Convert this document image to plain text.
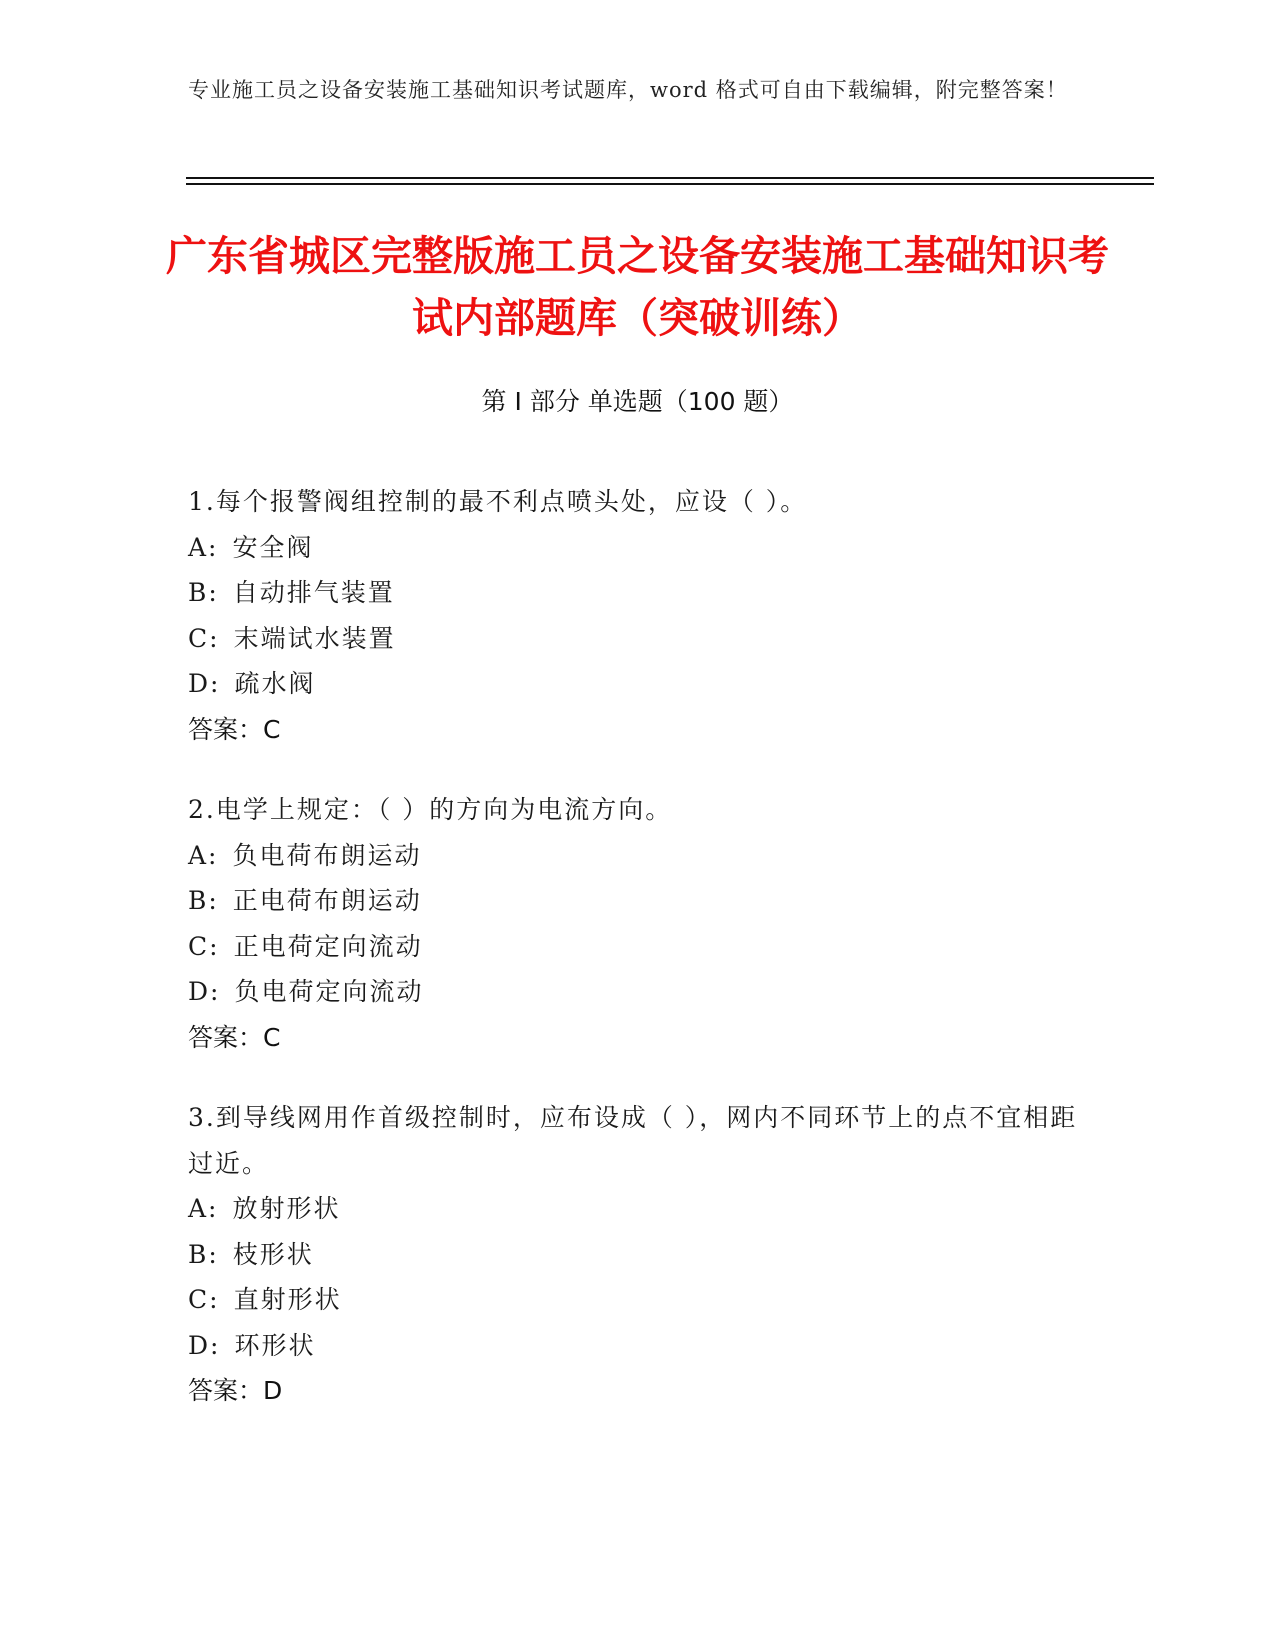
专业施工员之设备安装施工基础知识考试题库，word 格式可自由下载编辑，附完整答案！
广东省城区完整版施工员之设备安装施工基础知识考试内部题库（突破训练）
第 I 部分 单选题（100 题）
1.每个报警阀组控制的最不利点喷头处，应设（ ）。
A: 安全阀
B: 自动排气装置
C: 末端试水装置
D: 疏水阀
答案：C
2.电学上规定：（ ）的方向为电流方向。
A: 负电荷布朗运动
B: 正电荷布朗运动
C: 正电荷定向流动
D: 负电荷定向流动
答案：C
3.到导线网用作首级控制时，应布设成（ ），网内不同环节上的点不宜相距过近。
A: 放射形状
B: 枝形状
C: 直射形状
D: 环形状
答案：D
